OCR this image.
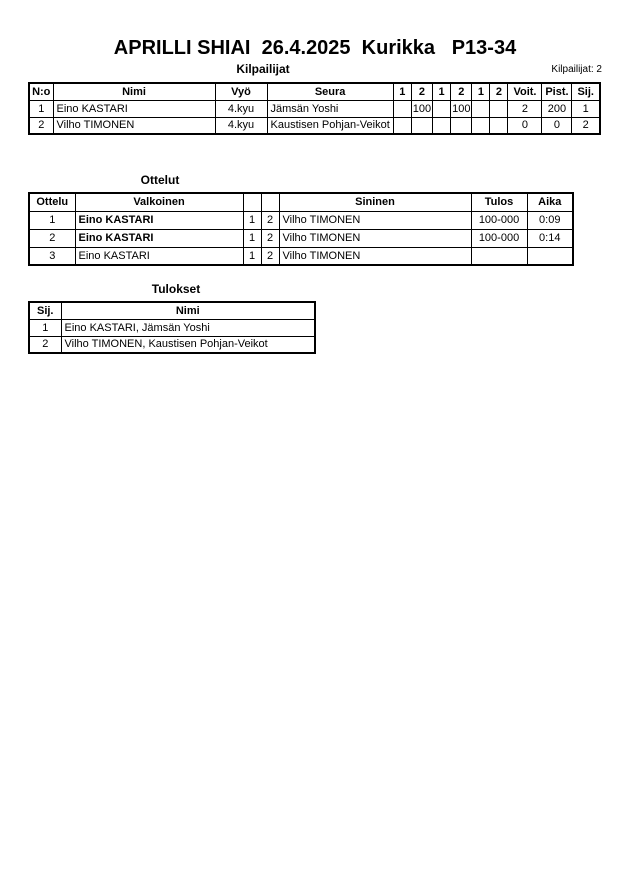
APRILLI SHIAI  26.4.2025  Kurikka   P13-34
Kilpailijat	Kilpailijat: 2
N:o	Nimi	Vyö	Seura	1	2	1	2	1	2	Voit.	Pist.	Sij.
1	Eino KASTARI	4.kyu	Jämsän Yoshi		100		100			2	200	1
2	Vilho TIMONEN	4.kyu	Kaustisen Pohjan-Veikot							0	0	2
Ottelut
Ottelu	Valkoinen			Sininen	Tulos	Aika
1	Eino KASTARI	1	2	Vilho TIMONEN	100-000	0:09
2	Eino KASTARI	1	2	Vilho TIMONEN	100-000	0:14
3	Eino KASTARI	1	2	Vilho TIMONEN		
Tulokset
Sij.	Nimi
1	Eino KASTARI, Jämsän Yoshi
2	Vilho TIMONEN, Kaustisen Pohjan-Veikot
